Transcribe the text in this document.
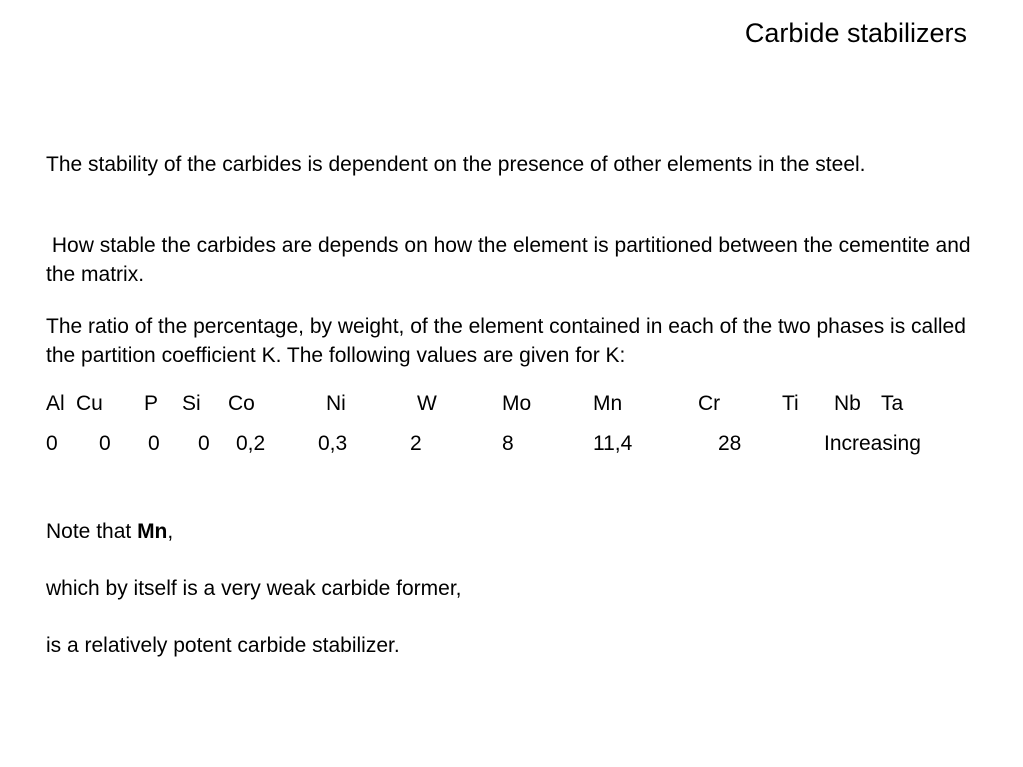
Carbide stabilizers

The stability of the carbides is dependent on the presence of other elements in the steel.

How stable the carbides are depends on how the element is partitioned between the cementite and the matrix.

The ratio of the percentage, by weight, of the element contained in each of the two phases is called the partition coefficient K. The following values are given for K:

Al Cu P Si Co	Ni	W	Mo	Mn	Cr	Ti Nb Ta
0 0 0 0 0,2	0,3	2	8	11,4	28	Increasing
Note that Mn,
which by itself is a very weak carbide former,
is a relatively potent carbide stabilizer.
